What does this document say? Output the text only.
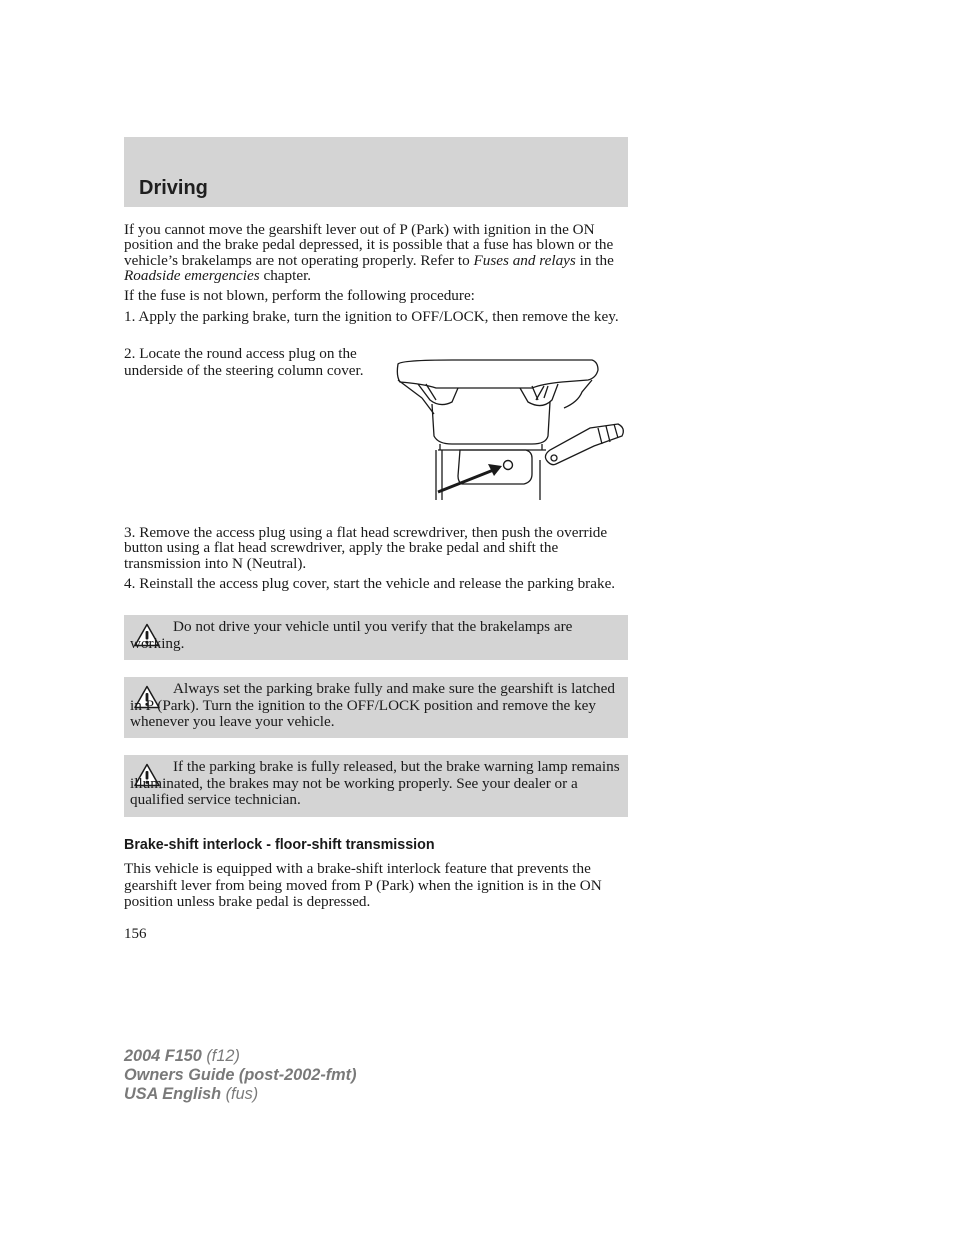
Driving

If you cannot move the gearshift lever out of P (Park) with ignition in the ON position and the brake pedal depressed, it is possible that a fuse has blown or the vehicle’s brakelamps are not operating properly. Refer to Fuses and relays in the Roadside emergencies chapter.

If the fuse is not blown, perform the following procedure:

1. Apply the parking brake, turn the ignition to OFF/LOCK, then remove the key.

2. Locate the round access plug on the underside of the steering column cover.

3. Remove the access plug using a flat head screwdriver, then push the override button using a flat head screwdriver, apply the brake pedal and shift the transmission into N (Neutral).

4. Reinstall the access plug cover, start the vehicle and release the parking brake.

Do not drive your vehicle until you verify that the brakelamps are working.
Always set the parking brake fully and make sure the gearshift is latched in P (Park). Turn the ignition to the OFF/LOCK position and remove the key whenever you leave your vehicle.
If the parking brake is fully released, but the brake warning lamp remains illuminated, the brakes may not be working properly. See your dealer or a qualified service technician.
Brake-shift interlock - floor-shift transmission

This vehicle is equipped with a brake-shift interlock feature that prevents the gearshift lever from being moved from P (Park) when the ignition is in the ON position unless brake pedal is depressed.

156
2004 F150 (f12)
Owners Guide (post-2002-fmt)
USA English (fus)
